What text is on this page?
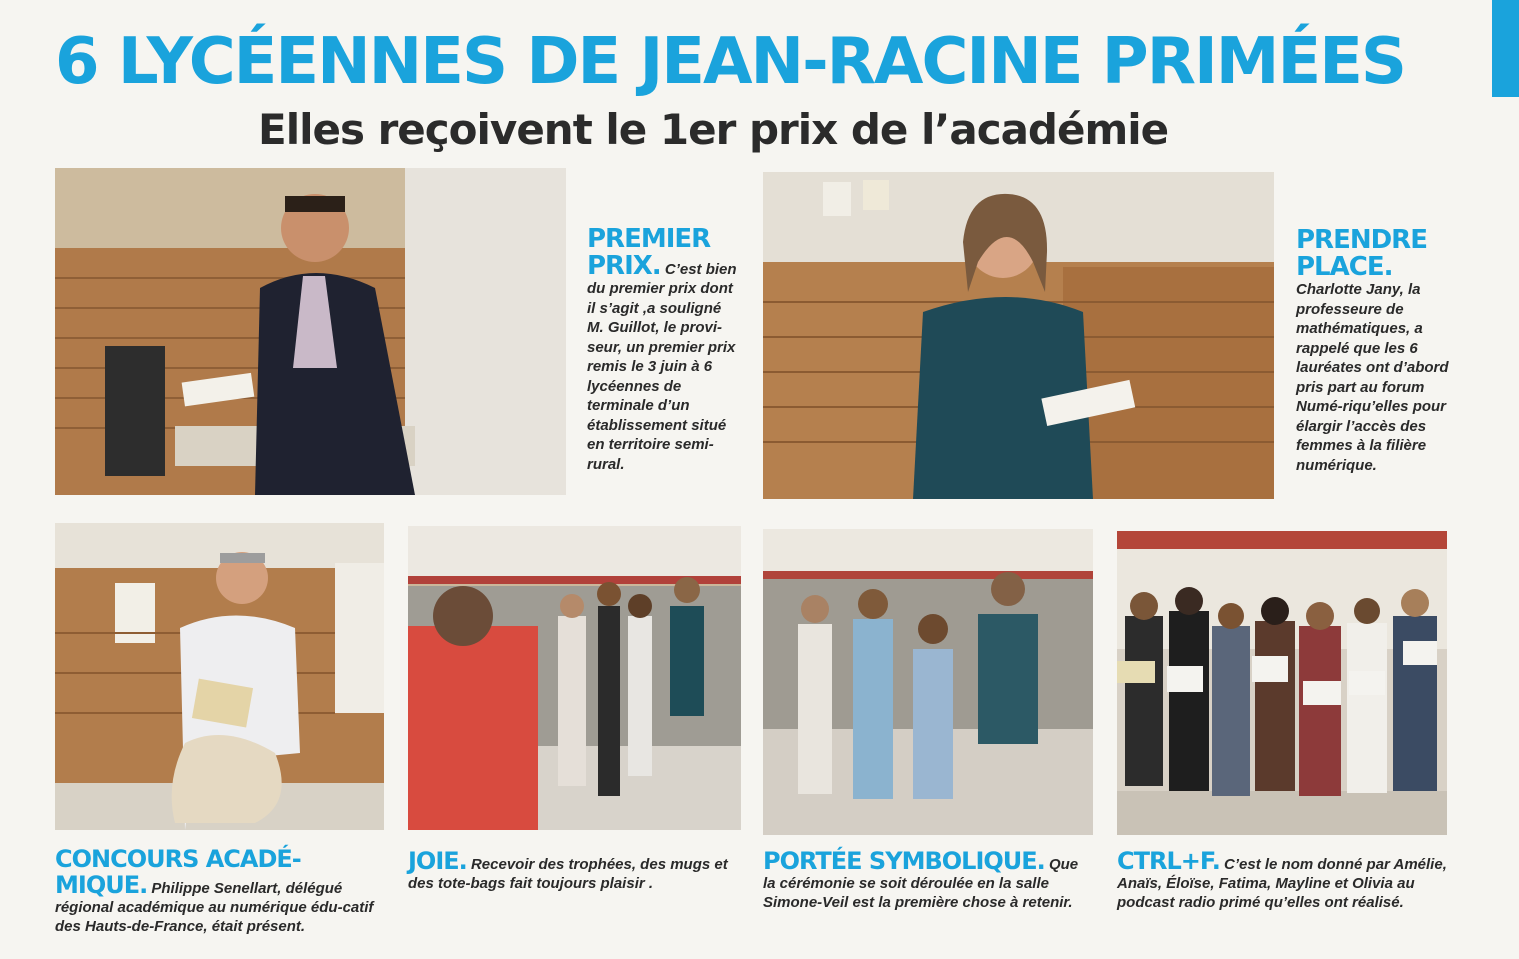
6 LYCÉENNES DE JEAN-RACINE PRIMÉES
Elles reçoivent le 1er prix de l’académie

PREMIER PRIX. C’est bien du premier prix dont il s’agit ,a souligné M. Guillot, le provi-seur, un premier prix remis le 3 juin à 6 lycéennes de terminale d’un établissement situé en territoire semi-rural.

PRENDRE PLACE. Charlotte Jany, la professeure de mathématiques, a rappelé que les 6 lauréates ont d’abord pris part au forum Numé-riqu’elles pour élargir l’accès des femmes à la filière numérique.

CONCOURS ACADÉ-MIQUE. Philippe Senellart, délégué régional académique au numérique édu-catif des Hauts-de-France, était présent.

JOIE. Recevoir des trophées, des mugs et des tote-bags fait toujours plaisir .

PORTÉE SYMBOLIQUE. Que la cérémonie se soit déroulée en la salle Simone-Veil est la première chose à retenir.

CTRL+F. C’est le nom donné par Amélie, Anaïs, Éloïse, Fatima, Mayline et Olivia au podcast radio primé qu’elles ont réalisé.
